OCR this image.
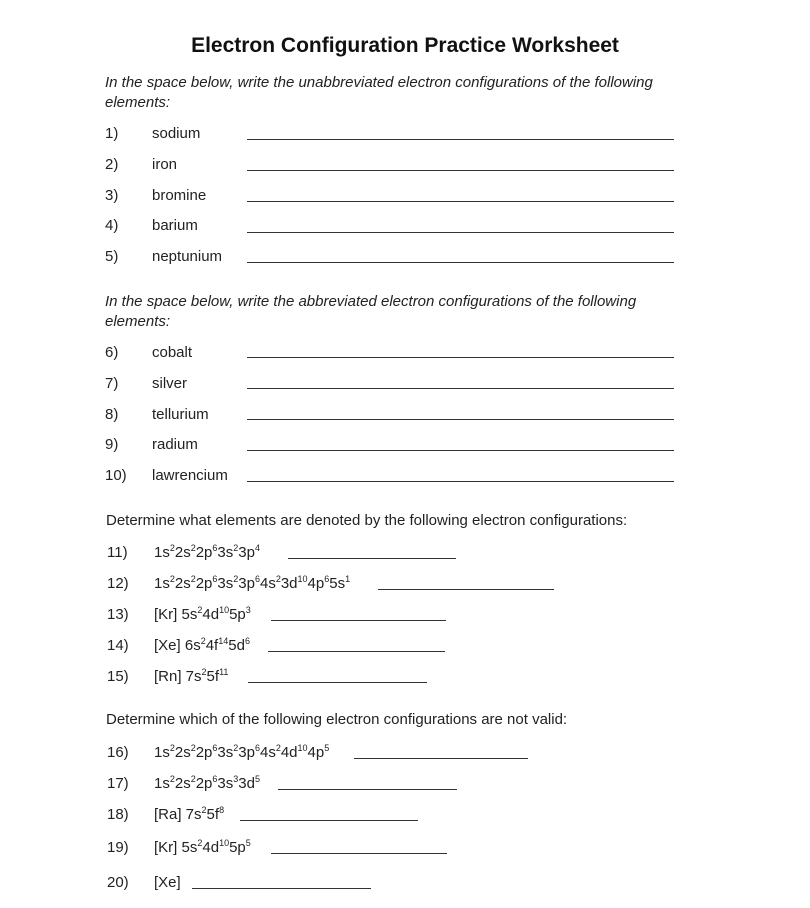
Electron Configuration Practice Worksheet
In the space below, write the unabbreviated electron configurations of the following elements:
1) sodium
2) iron
3) bromine
4) barium
5) neptunium
In the space below, write the abbreviated electron configurations of the following elements:
6) cobalt
7) silver
8) tellurium
9) radium
10) lawrencium
Determine what elements are denoted by the following electron configurations:
11) $1s^22s^22p^63s^23p^4$
12) $1s^22s^22p^63s^23p^64s^23d^{10}4p^65s^1$
13) [Kr] $5s^24d^{10}5p^3$
14) [Xe] $6s^24f^{14}5d^6$
15) [Rn] $7s^25f^{11}$
Determine which of the following electron configurations are not valid:
16) $1s^22s^22p^63s^23p^64s^24d^{10}4p^5$
17) $1s^22s^22p^63s^33d^5$
18) [Ra] $7s^25f^8$
19) [Kr] $5s^24d^{10}5p^5$
20) [Xe]
